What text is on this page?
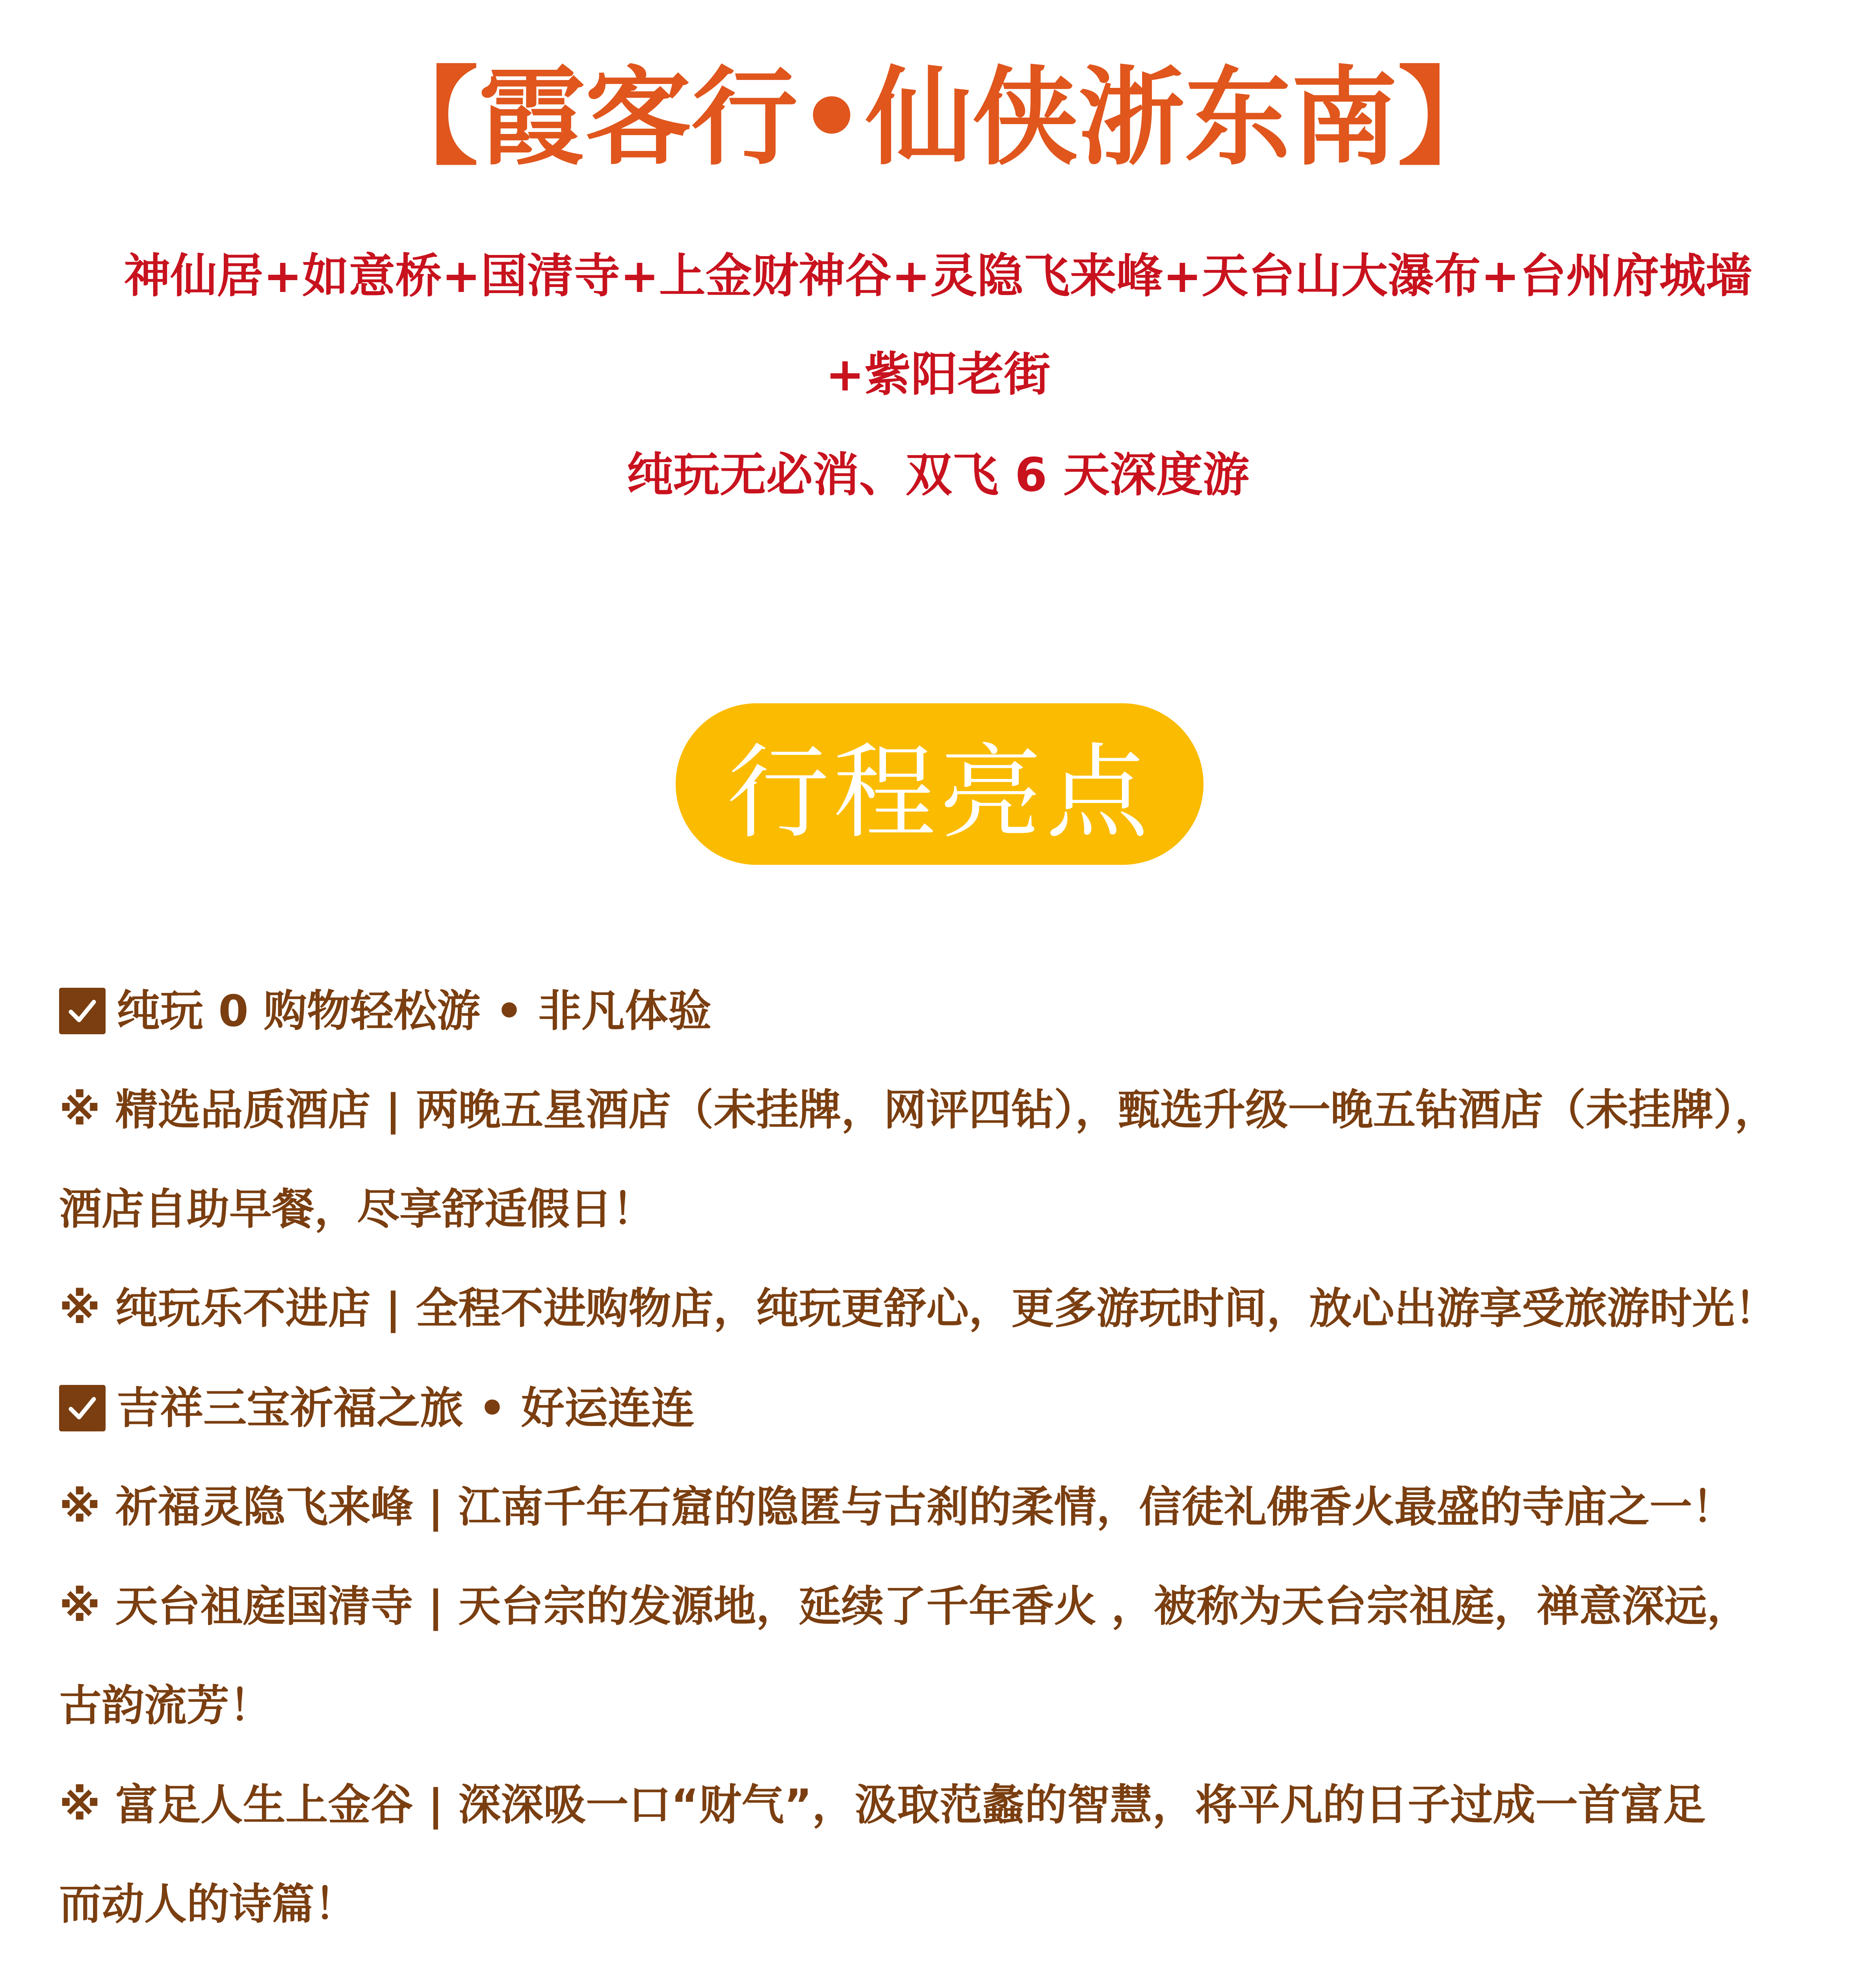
【霞客行•仙侠浙东南】
神仙居+如意桥+国清寺+上金财神谷+灵隐飞来峰+天台山大瀑布+台州府城墙
+紫阳老街
纯玩无必消、双飞 6 天深度游
行程亮点
纯玩 0 购物轻松游 • 非凡体验
※ 精选品质酒店 | 两晚五星酒店（未挂牌，网评四钻），甄选升级一晚五钻酒店（未挂牌），
酒店自助早餐，尽享舒适假日！
※ 纯玩乐不进店 | 全程不进购物店，纯玩更舒心，更多游玩时间，放心出游享受旅游时光！
吉祥三宝祈福之旅 • 好运连连
※ 祈福灵隐飞来峰 | 江南千年石窟的隐匿与古刹的柔情，信徒礼佛香火最盛的寺庙之一！
※ 天台祖庭国清寺 | 天台宗的发源地，延续了千年香火 ，被称为天台宗祖庭，禅意深远，
古韵流芳！
※ 富足人生上金谷 | 深深吸一口“财气”，汲取范蠡的智慧，将平凡的日子过成一首富足
而动人的诗篇！
